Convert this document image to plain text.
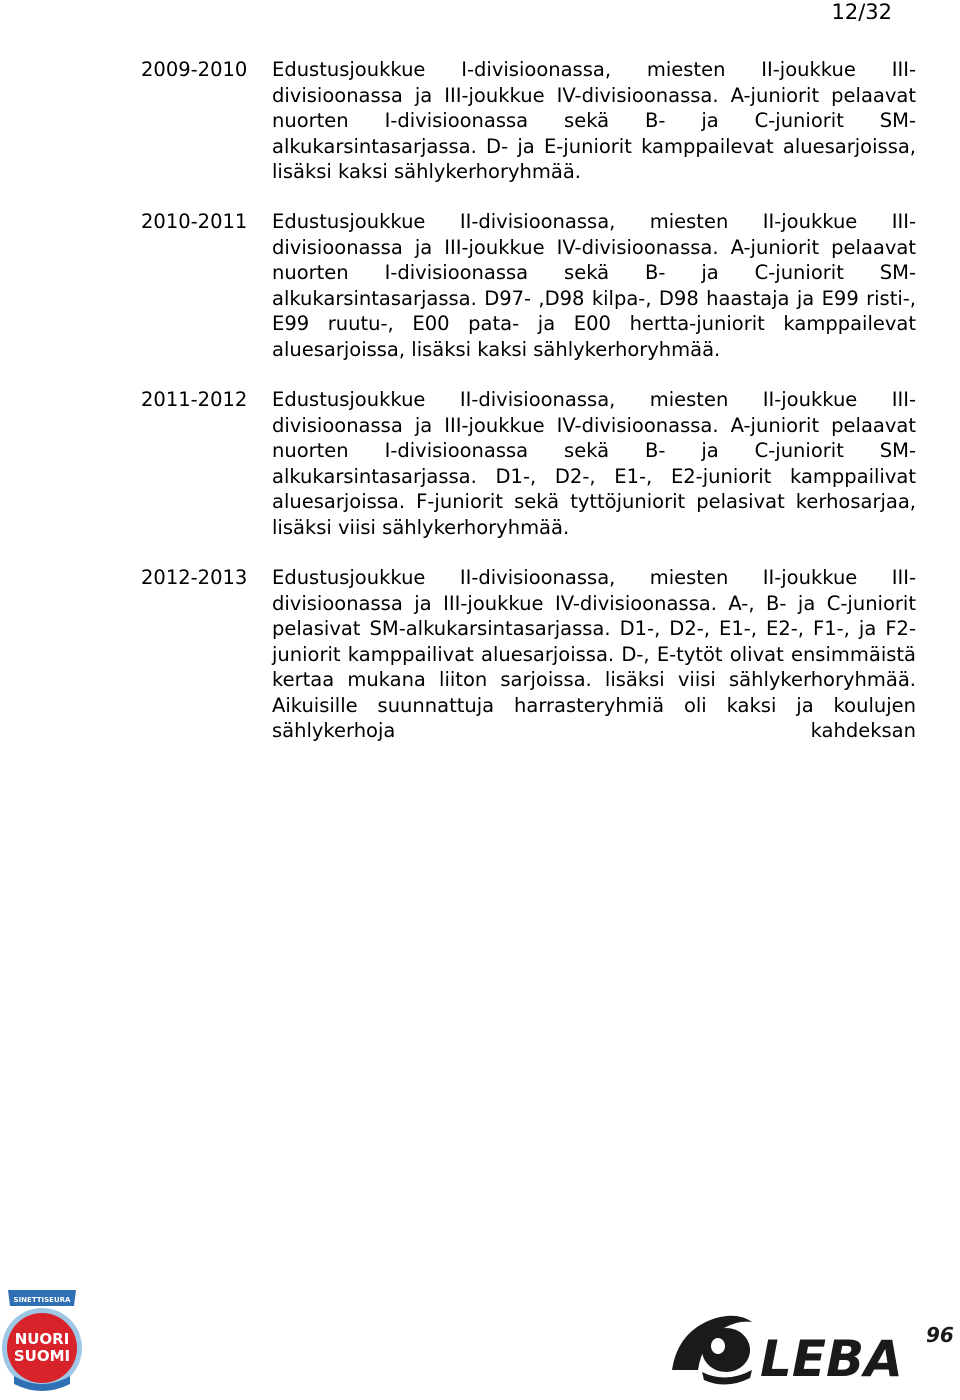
12/32
2009-2010 Edustusjoukkue I-divisioonassa, miesten II-joukkue III-divisioonassa ja III-joukkue IV-divisioonassa. A-juniorit pelaavat nuorten I-divisioonassa sekä B- ja C-juniorit SM-alkukarsintasarjassa. D- ja E-juniorit kamppailevat aluesarjoissa, lisäksi kaksi sählykerhoryhmää.
2010-2011 Edustusjoukkue II-divisioonassa, miesten II-joukkue III-divisioonassa ja III-joukkue IV-divisioonassa. A-juniorit pelaavat nuorten I-divisioonassa sekä B- ja C-juniorit SM-alkukarsintasarjassa. D97- ,D98 kilpa-, D98 haastaja ja E99 risti-, E99 ruutu-, E00 pata- ja E00 hertta-juniorit kamppailevat aluesarjoissa, lisäksi kaksi sählykerhoryhmää.
2011-2012 Edustusjoukkue II-divisioonassa, miesten II-joukkue III-divisioonassa ja III-joukkue IV-divisioonassa. A-juniorit pelaavat nuorten I-divisioonassa sekä B- ja C-juniorit SM-alkukarsintasarjassa. D1-, D2-, E1-, E2-juniorit kamppailivat aluesarjoissa. F-juniorit sekä tyttöjuniorit pelasivat kerhosarjaa, lisäksi viisi sählykerhoryhmää.
2012-2013 Edustusjoukkue II-divisioonassa, miesten II-joukkue III-divisioonassa ja III-joukkue IV-divisioonassa. A-, B- ja C-juniorit pelasivat SM-alkukarsintasarjassa. D1-, D2-, E1-, E2-, F1-, ja F2-juniorit kamppailivat aluesarjoissa. D-, E-tytöt olivat ensimmäistä kertaa mukana liiton sarjoissa. lisäksi viisi sählykerhoryhmää. Aikuisille suunnattuja harrasteryhmiä oli kaksi ja koulujen sählykerhoja kahdeksan
SINETTISEURA
NUORI
SUOMI	LEBA 96
